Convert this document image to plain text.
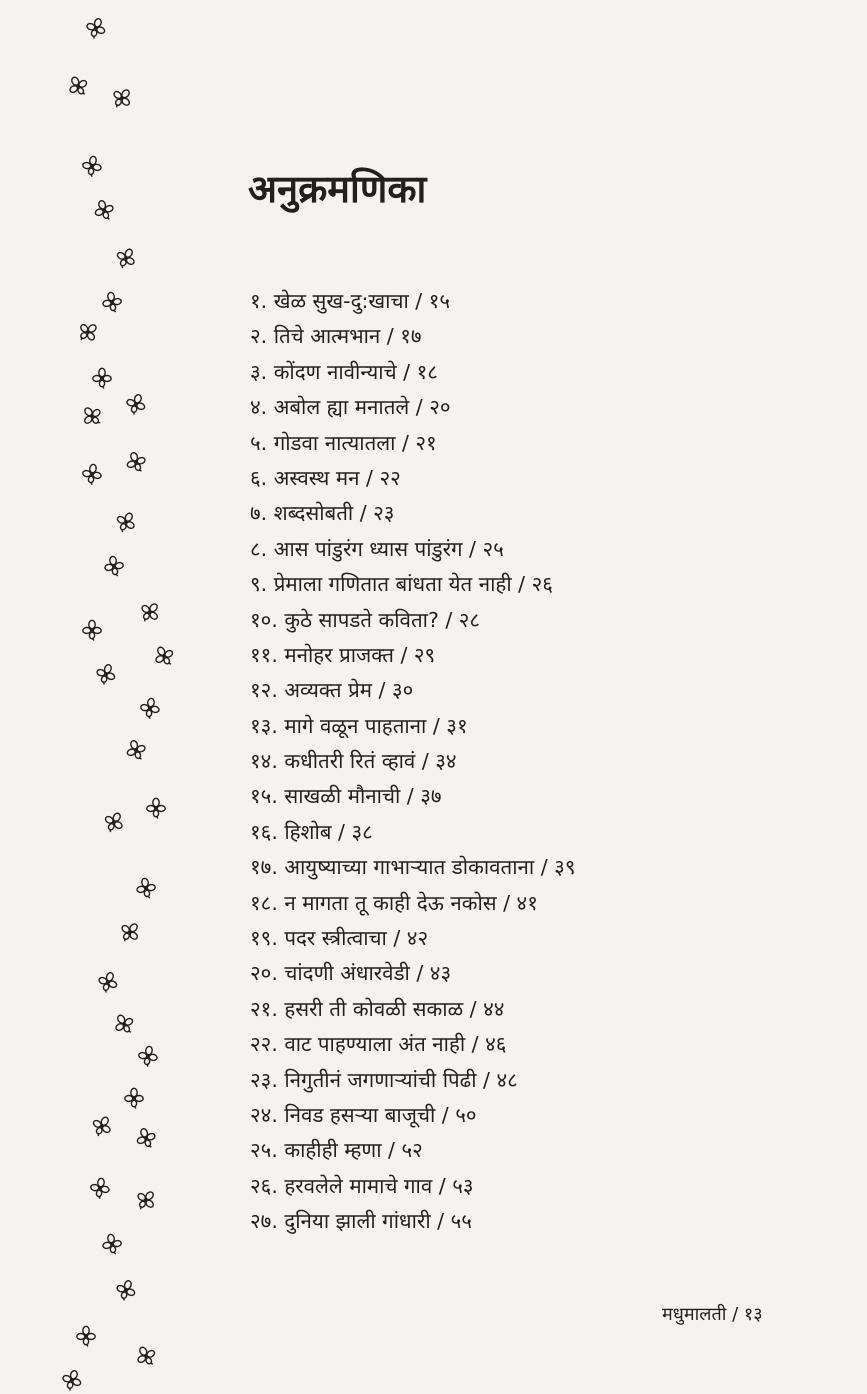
अनुक्रमणिका
१. खेळ सुख-दु:खाचा / १५
२. तिचे आत्मभान / १७
३. कोंदण नावीन्याचे / १८
४. अबोल ह्या मनातले / २०
५. गोडवा नात्यातला / २१
६. अस्वस्थ मन / २२
७. शब्दसोबती / २३
८. आस पांडुरंग ध्यास पांडुरंग / २५
९. प्रेमाला गणितात बांधता येत नाही / २६
१०. कुठे सापडते कविता? / २८
११. मनोहर प्राजक्त / २९
१२. अव्यक्त प्रेम / ३०
१३. मागे वळून पाहताना / ३१
१४. कधीतरी रितं व्हावं / ३४
१५. साखळी मौनाची / ३७
१६. हिशोब / ३८
१७. आयुष्याच्या गाभाऱ्यात डोकावताना / ३९
१८. न मागता तू काही देऊ नकोस / ४१
१९. पदर स्त्रीत्वाचा / ४२
२०. चांदणी अंधारवेडी / ४३
२१. हसरी ती कोवळी सकाळ / ४४
२२. वाट पाहण्याला अंत नाही / ४६
२३. निगुतीनं जगणाऱ्यांची पिढी / ४८
२४. निवड हसऱ्या बाजूची / ५०
२५. काहीही म्हणा / ५२
२६. हरवलेले मामाचे गाव / ५३
२७. दुनिया झाली गांधारी / ५५
मधुमालती / १३
